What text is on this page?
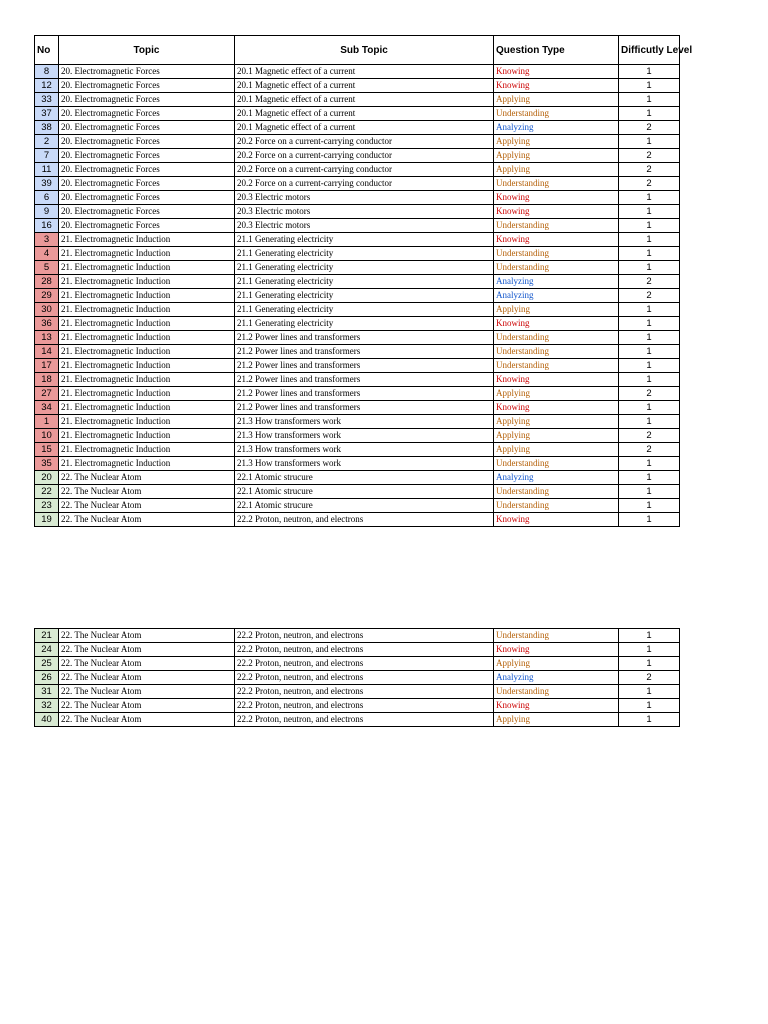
No	Topic	Sub Topic	Question Type	Difficutly Level
8	20. Electromagnetic Forces	20.1 Magnetic effect of a current	Knowing	1
12	20. Electromagnetic Forces	20.1 Magnetic effect of a current	Knowing	1
33	20. Electromagnetic Forces	20.1 Magnetic effect of a current	Applying	1
37	20. Electromagnetic Forces	20.1 Magnetic effect of a current	Understanding	1
38	20. Electromagnetic Forces	20.1 Magnetic effect of a current	Analyzing	2
2	20. Electromagnetic Forces	20.2 Force on a current-carrying conductor	Applying	1
7	20. Electromagnetic Forces	20.2 Force on a current-carrying conductor	Applying	2
11	20. Electromagnetic Forces	20.2 Force on a current-carrying conductor	Applying	2
39	20. Electromagnetic Forces	20.2 Force on a current-carrying conductor	Understanding	2
6	20. Electromagnetic Forces	20.3 Electric motors	Knowing	1
9	20. Electromagnetic Forces	20.3 Electric motors	Knowing	1
16	20. Electromagnetic Forces	20.3 Electric motors	Understanding	1
3	21. Electromagnetic Induction	21.1 Generating electricity	Knowing	1
4	21. Electromagnetic Induction	21.1 Generating electricity	Understanding	1
5	21. Electromagnetic Induction	21.1 Generating electricity	Understanding	1
28	21. Electromagnetic Induction	21.1 Generating electricity	Analyzing	2
29	21. Electromagnetic Induction	21.1 Generating electricity	Analyzing	2
30	21. Electromagnetic Induction	21.1 Generating electricity	Applying	1
36	21. Electromagnetic Induction	21.1 Generating electricity	Knowing	1
13	21. Electromagnetic Induction	21.2 Power lines and transformers	Understanding	1
14	21. Electromagnetic Induction	21.2 Power lines and transformers	Understanding	1
17	21. Electromagnetic Induction	21.2 Power lines and transformers	Understanding	1
18	21. Electromagnetic Induction	21.2 Power lines and transformers	Knowing	1
27	21. Electromagnetic Induction	21.2 Power lines and transformers	Applying	2
34	21. Electromagnetic Induction	21.2 Power lines and transformers	Knowing	1
1	21. Electromagnetic Induction	21.3 How transformers work	Applying	1
10	21. Electromagnetic Induction	21.3 How transformers work	Applying	2
15	21. Electromagnetic Induction	21.3 How transformers work	Applying	2
35	21. Electromagnetic Induction	21.3 How transformers work	Understanding	1
20	22. The Nuclear Atom	22.1 Atomic strucure	Analyzing	1
22	22. The Nuclear Atom	22.1 Atomic strucure	Understanding	1
23	22. The Nuclear Atom	22.1 Atomic strucure	Understanding	1
19	22. The Nuclear Atom	22.2 Proton, neutron, and electrons	Knowing	1
21	22. The Nuclear Atom	22.2 Proton, neutron, and electrons	Understanding	1
24	22. The Nuclear Atom	22.2 Proton, neutron, and electrons	Knowing	1
25	22. The Nuclear Atom	22.2 Proton, neutron, and electrons	Applying	1
26	22. The Nuclear Atom	22.2 Proton, neutron, and electrons	Analyzing	2
31	22. The Nuclear Atom	22.2 Proton, neutron, and electrons	Understanding	1
32	22. The Nuclear Atom	22.2 Proton, neutron, and electrons	Knowing	1
40	22. The Nuclear Atom	22.2 Proton, neutron, and electrons	Applying	1
